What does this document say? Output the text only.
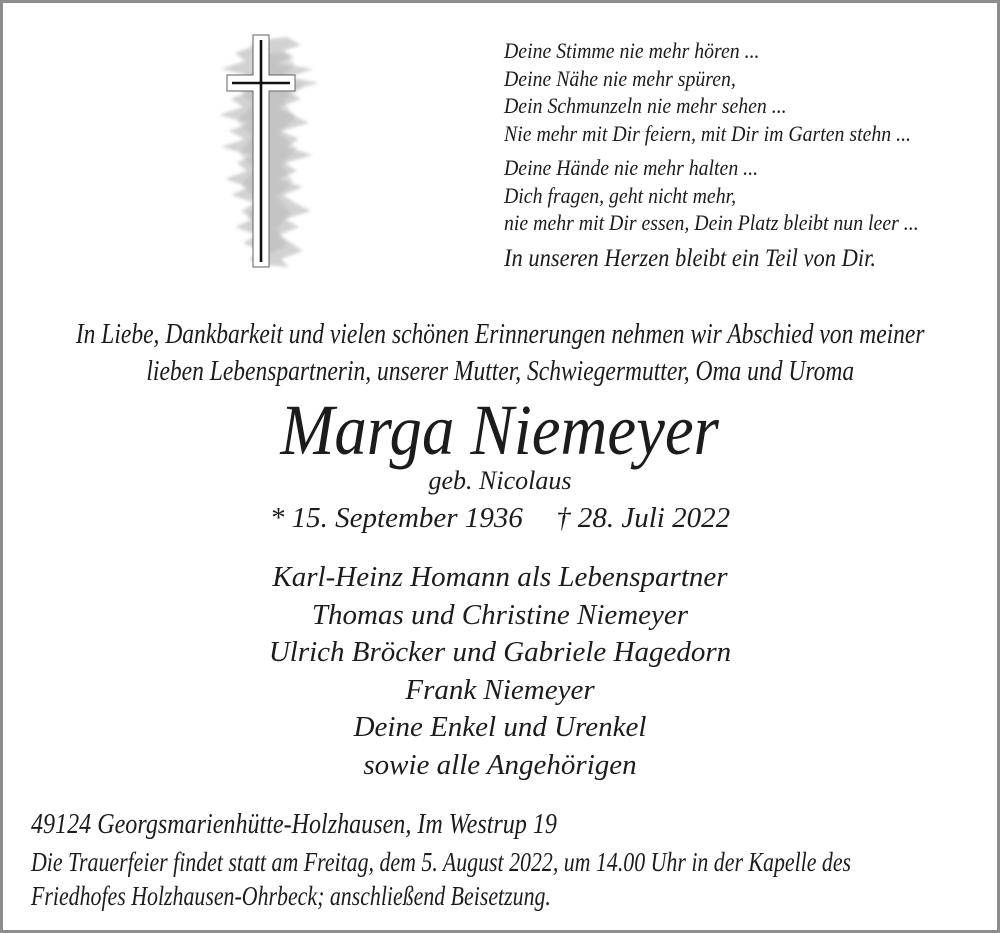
Deine Stimme nie mehr hören ...
Deine Nähe nie mehr spüren,
Dein Schmunzeln nie mehr sehen ...
Nie mehr mit Dir feiern, mit Dir im Garten stehn ...
Deine Hände nie mehr halten ...
Dich fragen, geht nicht mehr,
nie mehr mit Dir essen, Dein Platz bleibt nun leer ...
In unseren Herzen bleibt ein Teil von Dir.
In Liebe, Dankbarkeit und vielen schönen Erinnerungen nehmen wir Abschied von meiner
lieben Lebenspartnerin, unserer Mutter, Schwiegermutter, Oma und Uroma
Marga Niemeyer
geb. Nicolaus
* 15. September 1936 † 28. Juli 2022
Karl-Heinz Homann als Lebenspartner
Thomas und Christine Niemeyer
Ulrich Bröcker und Gabriele Hagedorn
Frank Niemeyer
Deine Enkel und Urenkel
sowie alle Angehörigen
49124 Georgsmarienhütte-Holzhausen, Im Westrup 19
Die Trauerfeier findet statt am Freitag, dem 5. August 2022, um 14.00 Uhr in der Kapelle des
Friedhofes Holzhausen-Ohrbeck; anschließend Beisetzung.
